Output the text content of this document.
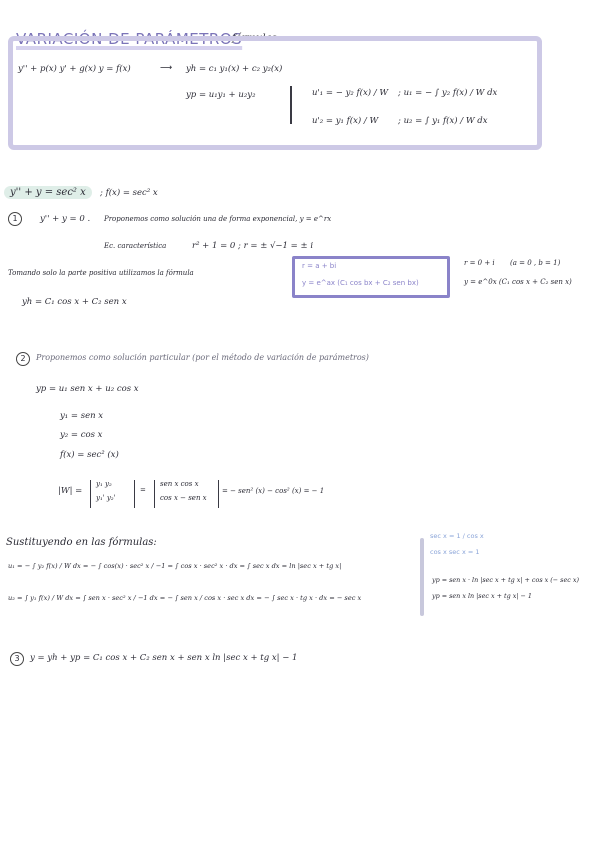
VARIACIÓN DE PARÁMETROS
fórmulas:
y'' + p(x) y' + g(x) y = f(x)	⟶ yh = c₁ y₁(x) + c₂ y₂(x)
yp = u₁y₁ + u₂y₂	u'₁ = − y₂ f(x) / W ; u₁ = − ∫ y₂ f(x) / W dx
u'₂ = y₁ f(x) / W ; u₂ = ∫ y₁ f(x) / W dx
y'' + y = sec² x	; f(x) = sec² x
1	y'' + y = 0 . Proponemos como solución una de forma exponencial, y = e^rx
Ec. característica	r² + 1 = 0 ; r = ± √−1 = ± i
Tomando solo la parte positiva utilizamos la fórmula
r = a + bi
y = e^ax (C₁ cos bx + C₂ sen bx)
r = 0 + i (a = 0 , b = 1)
y = e^0x (C₁ cos x + C₂ sen x)
yh = C₁ cos x + C₂ sen x
2	Proponemos como solución particular (por el método de variación de parámetros)
yp = u₁ sen x + u₂ cos x
y₁ = sen x
y₂ = cos x
f(x) = sec² (x)
|W| =
y₁ y₂
y₁' y₂'
=
sen x cos x
cos x − sen x
= − sen² (x) − cos² (x) = − 1
Sustituyendo en las fórmulas:
sec x = 1 / cos x
cos x sec x = 1
u₁ = − ∫ y₂ f(x) / W dx = − ∫ cos(x) · sec² x / −1 = ∫ cos x · sec² x · dx = ∫ sec x dx = ln |sec x + tg x|
u₂ = ∫ y₁ f(x) / W dx = ∫ sen x · sec² x / −1 dx = − ∫ sen x / cos x · sec x dx = − ∫ sec x · tg x · dx = − sec x
yp = sen x · ln |sec x + tg x| + cos x (− sec x)
yp = sen x ln |sec x + tg x| − 1
3	y = yh + yp = C₁ cos x + C₂ sen x + sen x ln |sec x + tg x| − 1
